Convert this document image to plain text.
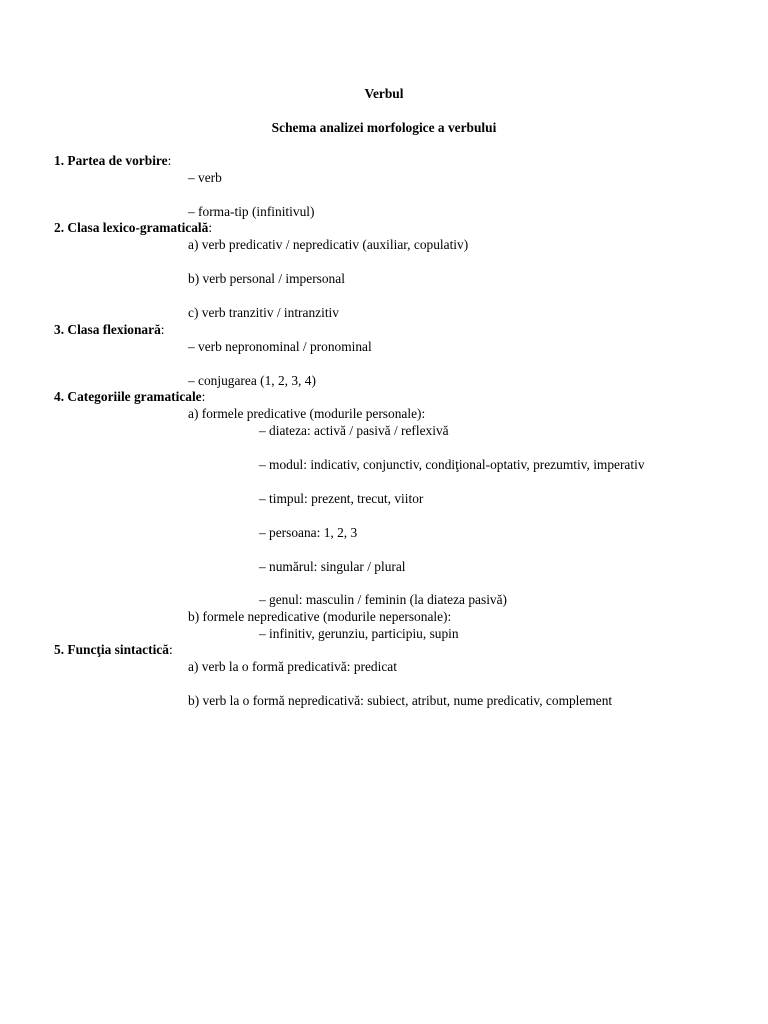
Verbul
Schema analizei morfologice a verbului
1. Partea de vorbire:
– verb
– forma-tip (infinitivul)
2. Clasa lexico-gramaticală:
a) verb predicativ / nepredicativ (auxiliar, copulativ)
b) verb personal / impersonal
c) verb tranzitiv / intranzitiv
3. Clasa flexionară:
– verb nepronominal / pronominal
– conjugarea (1, 2, 3, 4)
4. Categoriile gramaticale:
a) formele predicative (modurile personale):
– diateza: activă / pasivă / reflexivă
– modul: indicativ, conjunctiv, condiţional-optativ, prezumtiv, imperativ
– timpul: prezent, trecut, viitor
– persoana: 1, 2, 3
– numărul: singular / plural
– genul: masculin / feminin (la diateza pasivă)
b) formele nepredicative (modurile nepersonale):
– infinitiv, gerunziu, participiu, supin
5. Funcţia sintactică:
a) verb la o formă predicativă: predicat
b) verb la o formă nepredicativă: subiect, atribut, nume predicativ, complement
